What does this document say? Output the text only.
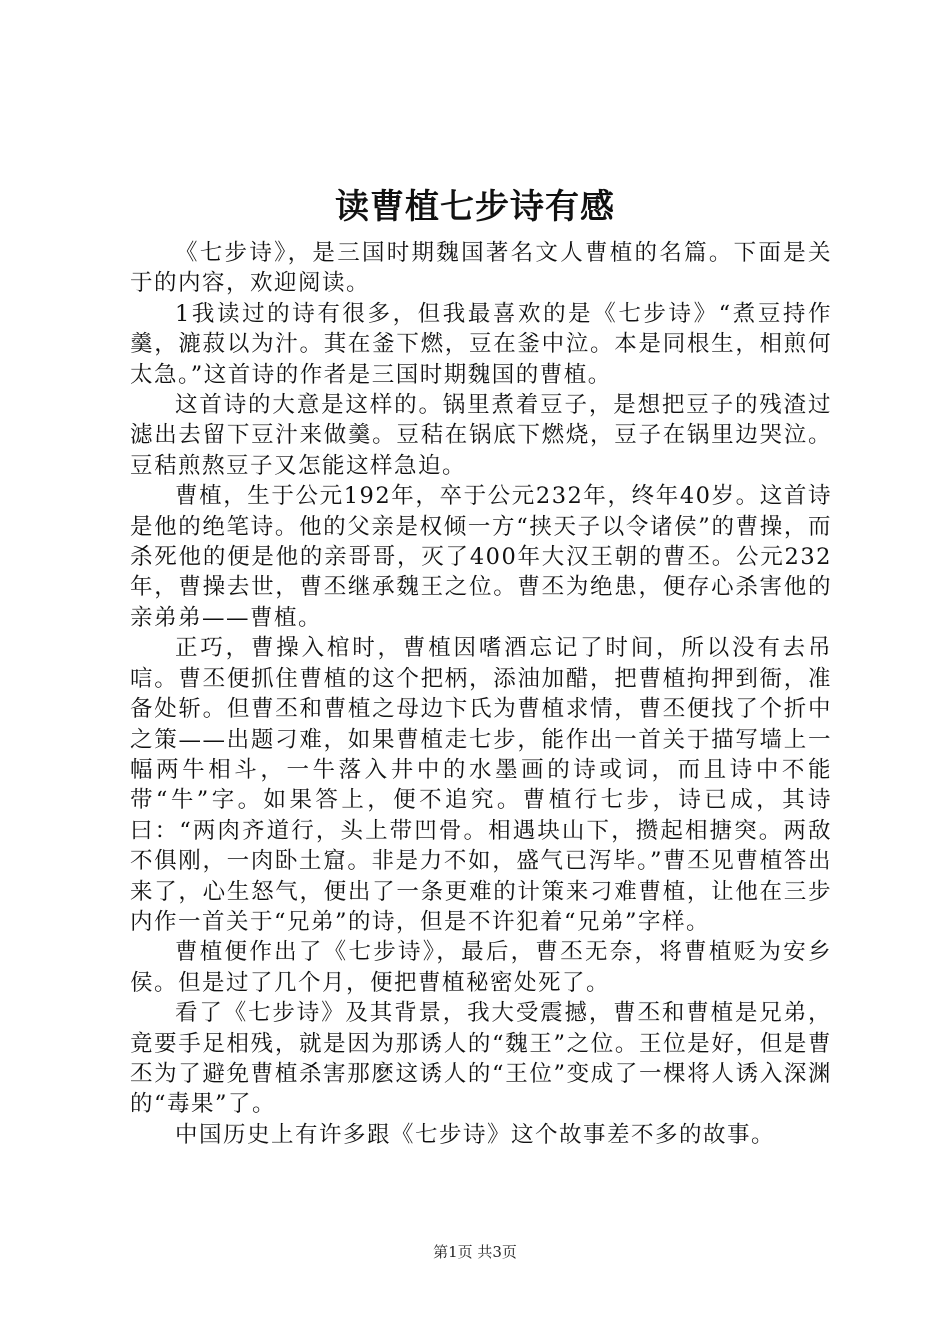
读曹植七步诗有感

《七步诗》，是三国时期魏国著名文人曹植的名篇。下面是关于的内容，欢迎阅读。

1我读过的诗有很多，但我最喜欢的是《七步诗》“煮豆持作羹，漉菽以为汁。萁在釜下燃，豆在釜中泣。本是同根生，相煎何太急。”这首诗的作者是三国时期魏国的曹植。

这首诗的大意是这样的。锅里煮着豆子，是想把豆子的残渣过滤出去留下豆汁来做羹。豆秸在锅底下燃烧，豆子在锅里边哭泣。豆秸煎熬豆子又怎能这样急迫。

曹植，生于公元192年，卒于公元232年，终年40岁。这首诗是他的绝笔诗。他的父亲是权倾一方“挟天子以令诸侯”的曹操，而杀死他的便是他的亲哥哥，灭了400年大汉王朝的曹丕。公元232年，曹操去世，曹丕继承魏王之位。曹丕为绝患，便存心杀害他的亲弟弟——曹植。

正巧，曹操入棺时，曹植因嗜酒忘记了时间，所以没有去吊唁。曹丕便抓住曹植的这个把柄，添油加醋，把曹植拘押到衙，准备处斩。但曹丕和曹植之母边卞氏为曹植求情，曹丕便找了个折中之策——出题刁难，如果曹植走七步，能作出一首关于描写墙上一幅两牛相斗，一牛落入井中的水墨画的诗或词，而且诗中不能带“牛”字。如果答上，便不追究。曹植行七步，诗已成，其诗曰：“两肉齐道行，头上带凹骨。相遇块山下，攒起相搪突。两敌不俱刚，一肉卧土窟。非是力不如，盛气已泻毕。”曹丕见曹植答出来了，心生怒气，便出了一条更难的计策来刁难曹植，让他在三步内作一首关于“兄弟”的诗，但是不许犯着“兄弟”字样。

曹植便作出了《七步诗》，最后，曹丕无奈，将曹植贬为安乡侯。但是过了几个月，便把曹植秘密处死了。

看了《七步诗》及其背景，我大受震撼，曹丕和曹植是兄弟，竟要手足相残，就是因为那诱人的“魏王”之位。王位是好，但是曹丕为了避免曹植杀害那麽这诱人的“王位”变成了一棵将人诱入深渊的“毒果”了。

中国历史上有许多跟《七步诗》这个故事差不多的故事。

第1页 共3页
